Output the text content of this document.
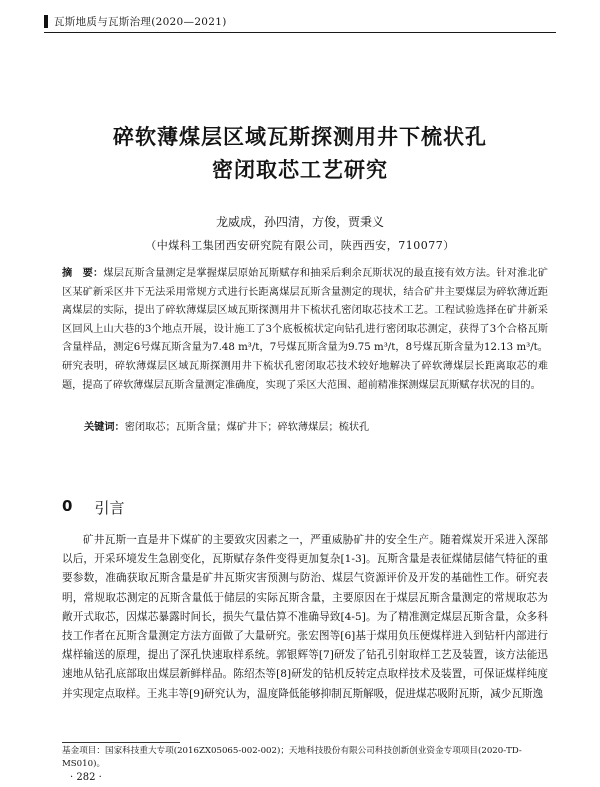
瓦斯地质与瓦斯治理(2020—2021)
碎软薄煤层区域瓦斯探测用井下梳状孔
密闭取芯工艺研究
龙威成，孙四清，方俊，贾秉义
（中煤科工集团西安研究院有限公司，陕西西安，710077）
摘　要：煤层瓦斯含量测定是掌握煤层原始瓦斯赋存和抽采后剩余瓦斯状况的最直接有效方法。针对淮北矿区某矿新采区井下无法采用常规方式进行长距离煤层瓦斯含量测定的现状，结合矿井主要煤层为碎软薄近距离煤层的实际，提出了碎软薄煤层区域瓦斯探测用井下梳状孔密闭取芯技术工艺。工程试验选择在矿井新采区回风上山大巷的3个地点开展，设计施工了3个底板梳状定向钻孔进行密闭取芯测定，获得了3个合格瓦斯含量样品，测定6号煤瓦斯含量为7.48 m³/t，7号煤瓦斯含量为9.75 m³/t，8号煤瓦斯含量为12.13 m³/t。研究表明，碎软薄煤层区域瓦斯探测用井下梳状孔密闭取芯技术较好地解决了碎软薄煤层长距离取芯的难题，提高了碎软薄煤层瓦斯含量测定准确度，实现了采区大范围、超前精准探测煤层瓦斯赋存状况的目的。
关键词：密闭取芯；瓦斯含量；煤矿井下；碎软薄煤层；梳状孔
0 引言
矿井瓦斯一直是井下煤矿的主要致灾因素之一，严重威胁矿井的安全生产。随着煤炭开采进入深部以后，开采环境发生急剧变化，瓦斯赋存条件变得更加复杂[1-3]。瓦斯含量是表征煤储层储气特征的重要参数，准确获取瓦斯含量是矿井瓦斯灾害预测与防治、煤层气资源评价及开发的基础性工作。研究表明，常规取芯测定的瓦斯含量低于储层的实际瓦斯含量，主要原因在于煤层瓦斯含量测定的常规取芯为敞开式取芯，因煤芯暴露时间长，损失气量估算不准确导致[4-5]。为了精准测定煤层瓦斯含量，众多科技工作者在瓦斯含量测定方法方面做了大量研究。张宏图等[6]基于煤用负压便煤样进入到钻杆内部进行煤样输送的原理，提出了深孔快速取样系统。郭银辉等[7]研发了钻孔引射取样工艺及装置，该方法能迅速地从钻孔底部取出煤层新鲜样品。陈绍杰等[8]研发的钻机反转定点取样技术及装置，可保证煤样纯度并实现定点取样。王兆丰等[9]研究认为，温度降低能够抑制瓦斯解吸，促进煤芯吸附瓦斯，减少瓦斯逸
基金项目：国家科技重大专项(2016ZX05065-002-002)；天地科技股份有限公司科技创新创业资金专项项目(2020-TD-MS010)。
· 282 ·
